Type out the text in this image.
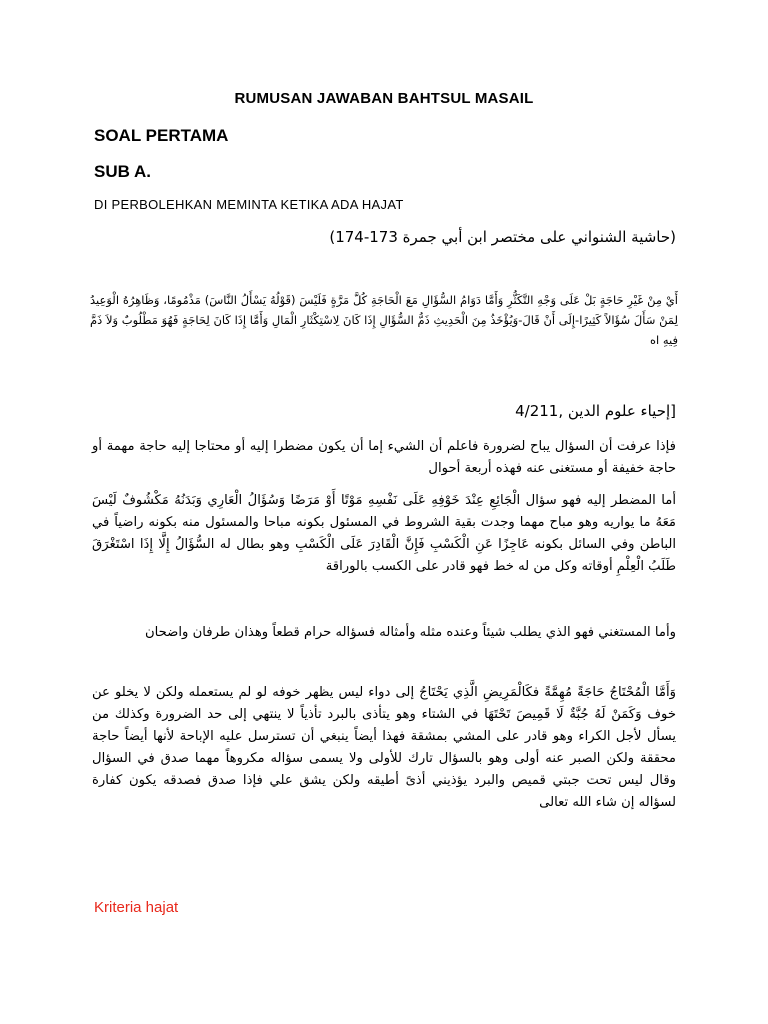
RUMUSAN JAWABAN BAHTSUL MASAIL
SOAL PERTAMA
SUB A.
DI PERBOLEHKAN MEMINTA KETIKA ADA HAJAT
(حاشية الشنواني على مختصر ابن أبي جمرة 173-174)
أَيْ مِنْ غَيْرِ حَاجَةٍ بَلْ عَلَى وَجْهِ التَّكَثُّرِ وَأَمَّا دَوَامُ السُّؤَالِ مَعَ الْحَاجَةِ كُلَّ مَرَّةٍ فَلَيْسَ (قَوْلُهُ يَسْأَلُ النَّاسَ) مَذْمُومًا، وَظَاهِرُهُ الْوَعِيدُ لِمَنْ سَأَلَ سُؤَالاً كَثِيرًا-إِلَى أَنْ قَالَ-وَيُؤْخَذُ مِنَ الْحَدِيثِ ذَمُّ السُّؤَالِ إِذَا كَانَ لِاسْتِكْثَارِ الْمَالِ وَأَمَّا إِذَا كَانَ لِحَاجَةٍ فَهُوَ مَطْلُوبٌ وَلاَ ذَمَّ فِيهِ اه
[إحياء علوم الدين ,4/211
فإذا عرفت أن السؤال يباح لضرورة فاعلم أن الشيء إما أن يكون مضطرا إليه أو محتاجا إليه حاجة مهمة أو حاجة خفيفة أو مستغنى عنه فهذه أربعة أحوال
أما المضطر إليه فهو سؤال الْجَائِعِ عِنْدَ خَوْفِهِ عَلَى نَفْسِهِ مَوْتًا أَوْ مَرَضًا وَسُؤَالُ الْعَارِي وَبَدَنُهُ مَكْشُوفٌ لَيْسَ مَعَهُ ما يواريه وهو مباح مهما وجدت بقية الشروط في المسئول بكونه مباحا والمسئول منه بكونه راضياً في الباطن وفي السائل بكونه عَاجِزًا عَنِ الْكَسْبِ فَإِنَّ الْقَادِرَ عَلَى الْكَسْبِ وهو بطال له السُّؤَالُ إِلَّا إِذَا اسْتَغْرَقَ طَلَبُ الْعِلْمِ أوقاته وكل من له خط فهو قادر على الكسب بالوراقة
وأما المستغني فهو الذي يطلب شيئاً وعنده مثله وأمثاله فسؤاله حرام قطعاً وهذان طرفان واضحان
وَأَمَّا الْمُحْتَاجُ حَاجَةً مُهِمَّةً فكَالْمَرِيضِ الَّذِي يَحْتَاجُ إلى دواء ليس يظهر خوفه لو لم يستعمله ولكن لا يخلو عن خوف وَكَمَنْ لَهُ جُبَّةٌ لَا قَمِيصَ تَحْتَهَا في الشتاء وهو يتأذى بالبرد تأذياً لا ينتهي إلى حد الضرورة وكذلك من يسأل لأجل الكراء وهو قادر على المشي بمشقة فهذا أيضاً ينبغي أن تسترسل عليه الإباحة لأنها أيضاً حاجة محققة ولكن الصبر عنه أولى وهو بالسؤال تارك للأولى ولا يسمى سؤاله مكروهاً مهما صدق في السؤال وقال ليس تحت جبتي قميص والبرد يؤذيني أذىً أطيقه ولكن يشق علي فإذا صدق فصدقه يكون كفارة لسؤاله إن شاء الله تعالى
Kriteria hajat
